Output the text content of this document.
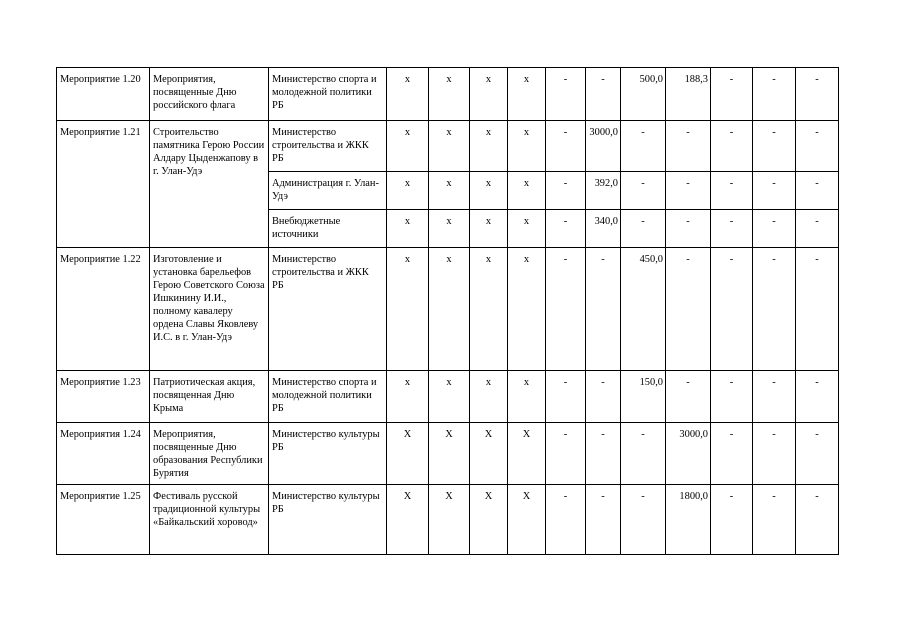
Мероприятие 1.20	Мероприятия, посвященные Дню российского флага	Министерство спорта и молодежной политики РБ	x	x	x	x	-	-	500,0	188,3	-	-	-
Мероприятие 1.21	Строительство памятника Герою России Алдару Цыденжапову в г. Улан-Удэ	Министерство строительства и ЖКК РБ	x	x	x	x	-	3000,0	-	-	-	-	-
		Администрация г. Улан-Удэ	x	x	x	x	-	392,0	-	-	-	-	-
		Внебюджетные источники	x	x	x	x	-	340,0	-	-	-	-	-
Мероприятие 1.22	Изготовление и установка барельефов Герою Советского Союза Ишкинину И.И., полному кавалеру ордена Славы Яковлеву И.С. в г. Улан-Удэ	Министерство строительства и ЖКК РБ	x	x	x	x	-	-	450,0	-	-	-	-
Мероприятие 1.23	Патриотическая акция, посвященная Дню Крыма	Министерство спорта и молодежной политики РБ	x	x	x	x	-	-	150,0	-	-	-	-
Мероприятия 1.24	Мероприятия, посвященные Дню образования Республики Бурятия	Министерство культуры РБ	X	X	X	X	-	-	-	3000,0	-	-	-
Мероприятие 1.25	Фестиваль русской традиционной культуры «Байкальский хоровод»	Министерство культуры РБ	X	X	X	X	-	-	-	1800,0	-	-	-
